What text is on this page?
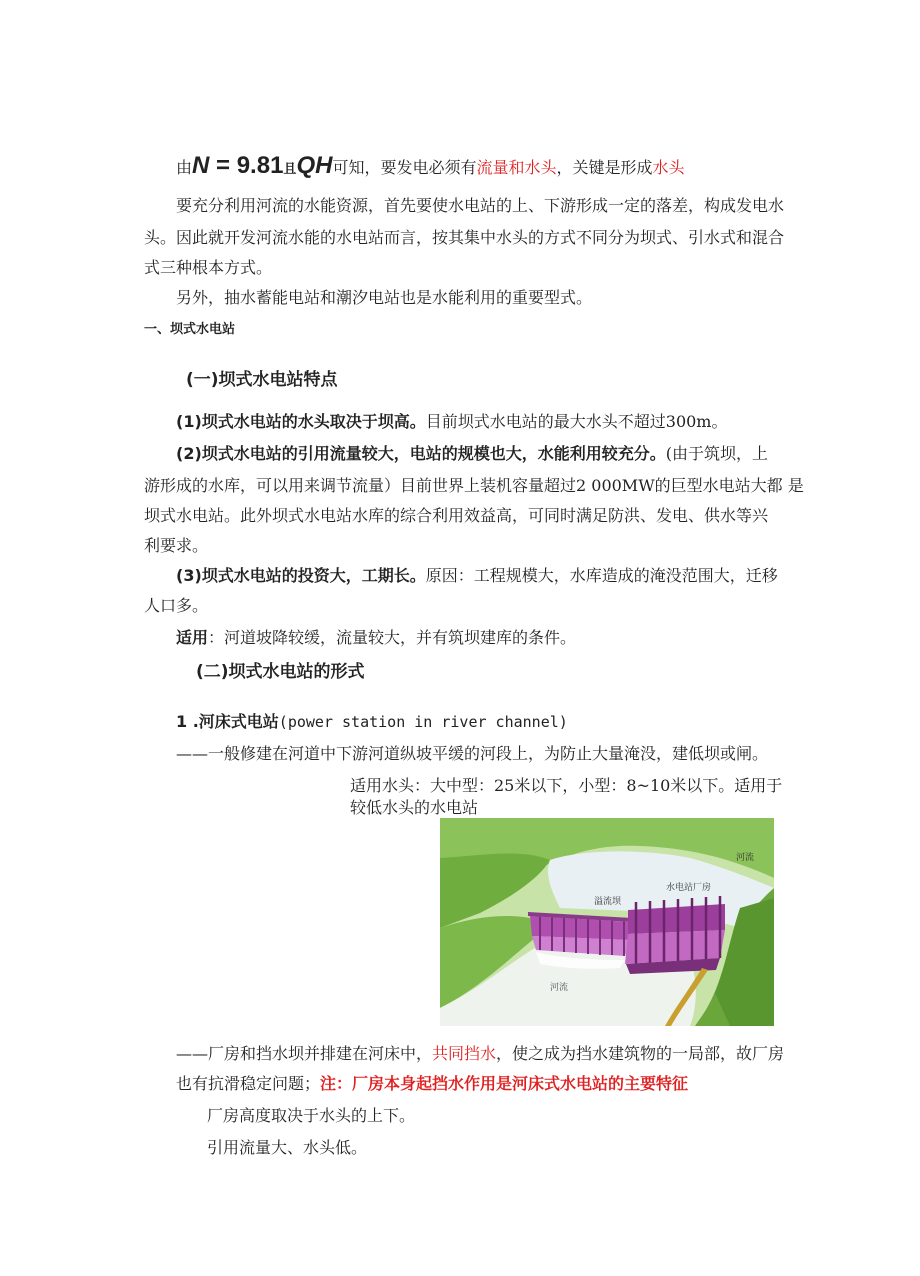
由N = 9.81且QH可知，要发电必须有流量和水头，关键是形成水头
要充分利用河流的水能资源，首先要使水电站的上、下游形成一定的落差，构成发电水
头。因此就开发河流水能的水电站而言，按其集中水头的方式不同分为坝式、引水式和混合
式三种根本方式。
另外，抽水蓄能电站和潮汐电站也是水能利用的重要型式。
一、坝式水电站
(一)坝式水电站特点
(1)坝式水电站的水头取决于坝高。目前坝式水电站的最大水头不超过300m。
(2)坝式水电站的引用流量较大，电站的规模也大，水能利用较充分。(由于筑坝，上
游形成的水库，可以用来调节流量）目前世界上装机容量超过2 000MW的巨型水电站大都 是
坝式水电站。此外坝式水电站水库的综合利用效益高，可同时满足防洪、发电、供水等兴
利要求。
(3)坝式水电站的投资大，工期长。原因：工程规模大，水库造成的淹没范围大，迁移
人口多。
适用：河道坡降较缓，流量较大，并有筑坝建库的条件。
(二)坝式水电站的形式
1 .河床式电站(power station in river channel)
——一般修建在河道中下游河道纵坡平缓的河段上，为防止大量淹没，建低坝或闸。
适用水头：大中型：25米以下，小型：8~10米以下。适用于
较低水头的水电站
河流
水电站厂房
溢流坝
河流
——厂房和挡水坝并排建在河床中，共同挡水，使之成为挡水建筑物的一局部，故厂房
也有抗滑稳定问题；注：厂房本身起挡水作用是河床式水电站的主要特征
厂房高度取决于水头的上下。
引用流量大、水头低。
